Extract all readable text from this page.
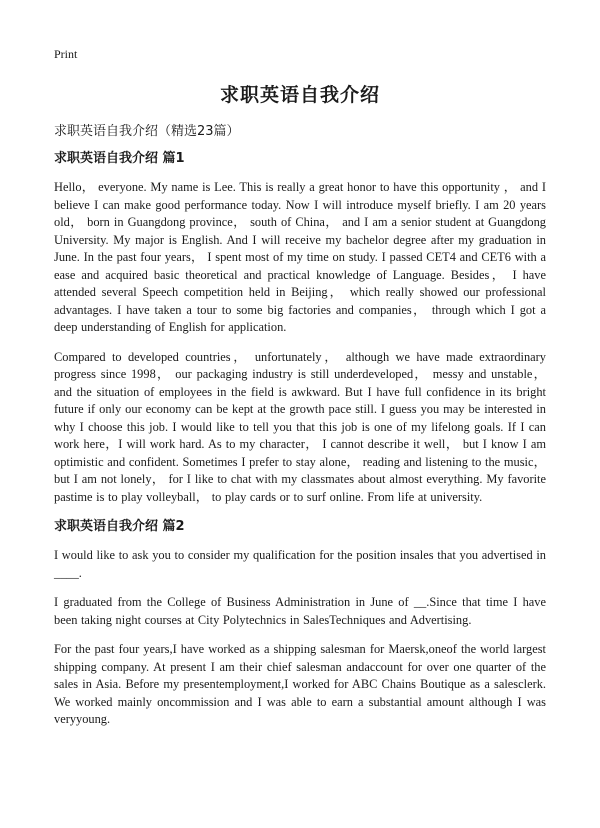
Print
求职英语自我介绍
求职英语自我介绍（精选23篇）
求职英语自我介绍 篇1

Hello， everyone. My name is Lee. This is really a great honor to have this opportunity ， and I believe I can make good performance today. Now I will introduce myself briefly. I am 20 years old， born in Guangdong province， south of China， and I am a senior student at Guangdong University. My major is English. And I will receive my bachelor degree after my graduation in June. In the past four years， I spent most of my time on study. I passed CET4 and CET6 with a ease and acquired basic theoretical and practical knowledge of Language. Besides， I have attended several Speech competition held in Beijing， which really showed our professional advantages. I have taken a tour to some big factories and companies， through which I got a deep understanding of English for application.

Compared to developed countries， unfortunately， although we have made extraordinary progress since 1998， our packaging industry is still underdeveloped， messy and unstable， and the situation of employees in the field is awkward. But I have full confidence in its bright future if only our economy can be kept at the growth pace still. I guess you may be interested in why I choose this job. I would like to tell you that this job is one of my lifelong goals. If I can work here，I will work hard. As to my character， I cannot describe it well， but I know I am optimistic and confident. Sometimes I prefer to stay alone， reading and listening to the music， but I am not lonely， for I like to chat with my classmates about almost everything. My favorite pastime is to play volleyball， to play cards or to surf online. From life at university.

求职英语自我介绍 篇2

I would like to ask you to consider my qualification for the position insales that you advertised in ____.

I graduated from the College of Business Administration in June of __.Since that time I have been taking night courses at City Polytechnics in SalesTechniques and Advertising.

For the past four years,I have worked as a shipping salesman for Maersk,oneof the world largest shipping company. At present I am their chief salesman andaccount for over one quarter of the sales in Asia. Before my presentemployment,I worked for ABC Chains Boutique as a salesclerk. We worked mainly oncommission and I was able to earn a substantial amount although I was veryyoung.
